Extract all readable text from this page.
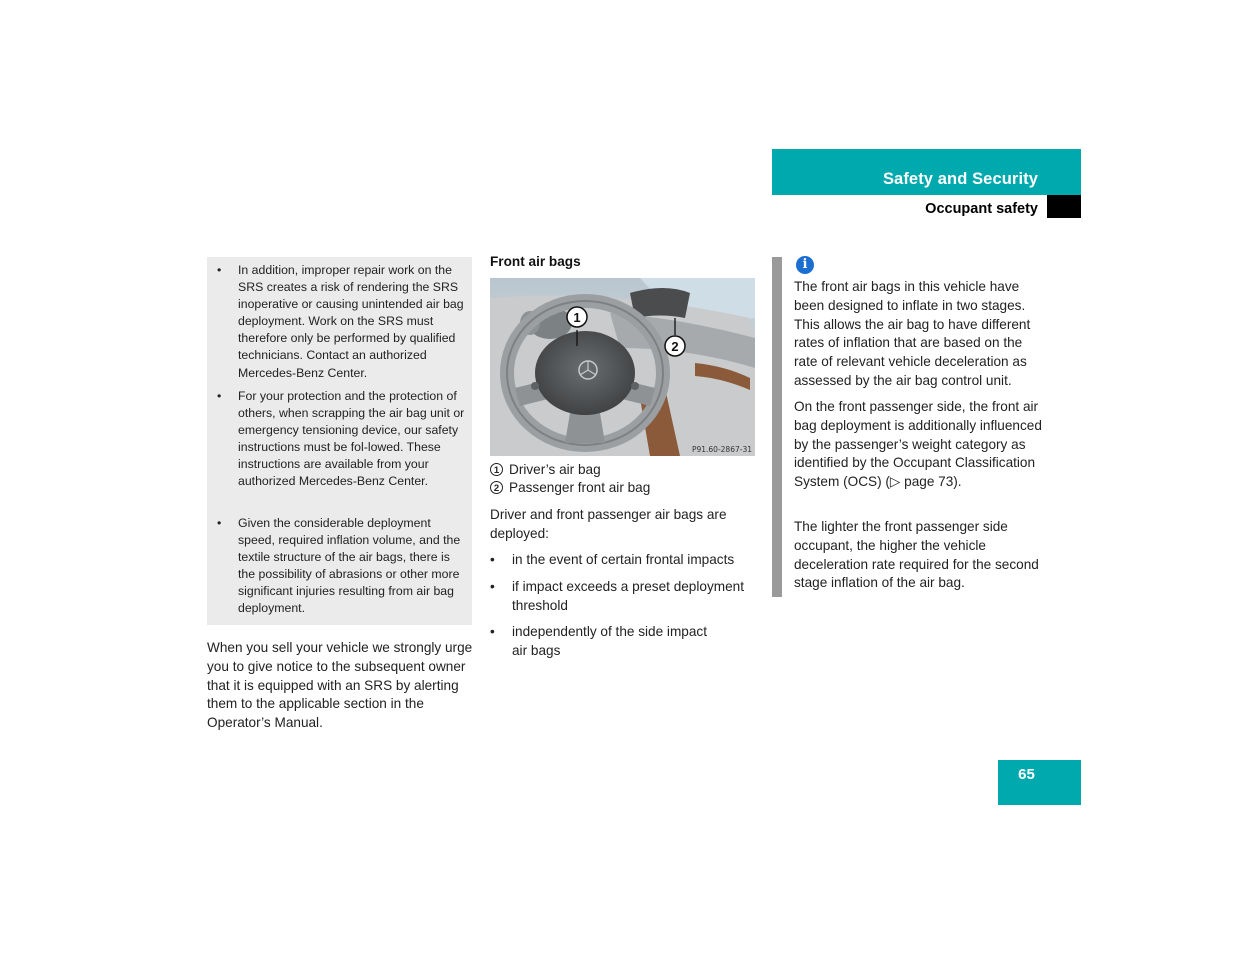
Safety and Security
Occupant safety
• In addition, improper repair work on the SRS creates a risk of rendering the SRS inoperative or causing unintended air bag deployment. Work on the SRS must therefore only be performed by qualified technicians. Contact an authorized Mercedes-Benz Center.
• For your protection and the protection of others, when scrapping the air bag unit or emergency tensioning device, our safety instructions must be fol-lowed. These instructions are available from your authorized Mercedes-Benz Center.
• Given the considerable deployment speed, required inflation volume, and the textile structure of the air bags, there is the possibility of abrasions or other more significant injuries resulting from air bag deployment.
When you sell your vehicle we strongly urge you to give notice to the subsequent owner that it is equipped with an SRS by alerting them to the applicable section in the Operator’s Manual.
Front air bags
1
2
P91.60-2867-31
1 Driver’s air bag
2 Passenger front air bag
Driver and front passenger air bags are deployed:
• in the event of certain frontal impacts
• if impact exceeds a preset deployment threshold
• independently of the side impact air bags
i
The front air bags in this vehicle have been designed to inflate in two stages. This allows the air bag to have different rates of inflation that are based on the rate of relevant vehicle deceleration as assessed by the air bag control unit.
On the front passenger side, the front air bag deployment is additionally influenced by the passenger’s weight category as identified by the Occupant Classification System (OCS) (▷ page 73).
The lighter the front passenger side occupant, the higher the vehicle deceleration rate required for the second stage inflation of the air bag.
65
